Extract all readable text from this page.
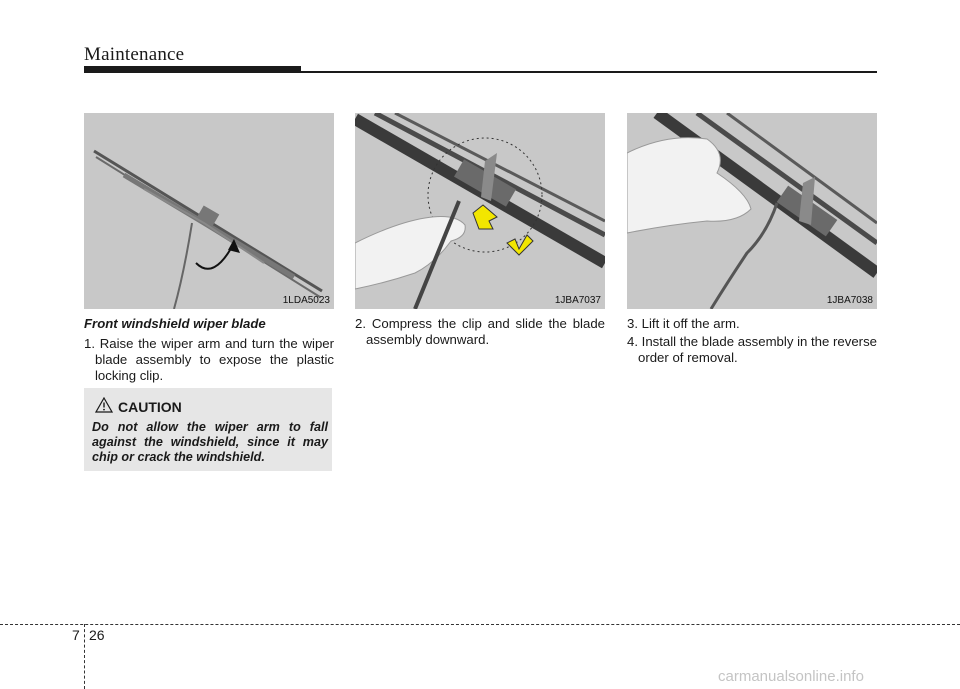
Maintenance
1LDA5023	1JBA7037	1JBA7038
Front windshield wiper blade
1. Raise the wiper arm and turn the wiper blade assembly to expose the plastic locking clip.
2. Compress the clip and slide the blade assembly downward.
3. Lift it off the arm.
4. Install the blade assembly in the reverse order of removal.
CAUTION
Do not allow the wiper arm to fall against the windshield, since it may chip or crack the windshield.
7 26
carmanualsonline.info
